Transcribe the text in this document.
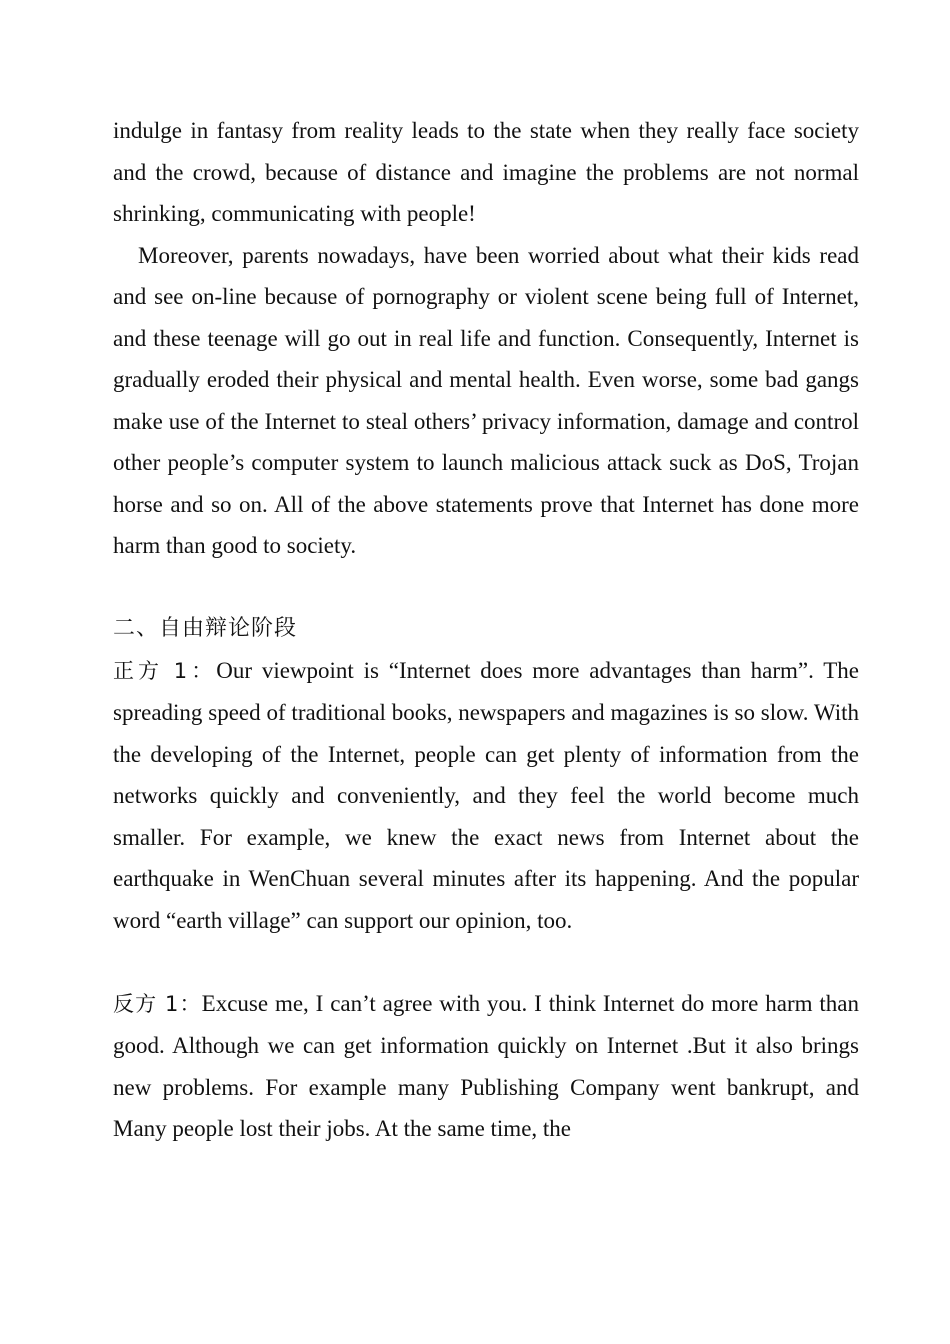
indulge in fantasy from reality leads to the state when they really face society and the crowd, because of distance and imagine the problems are not normal shrinking, communicating with people!

Moreover, parents nowadays, have been worried about what their kids read and see on-line because of pornography or violent scene being full of Internet, and these teenage will go out in real life and function. Consequently, Internet is gradually eroded their physical and mental health. Even worse, some bad gangs make use of the Internet to steal others’ privacy information, damage and control other people’s computer system to launch malicious attack suck as DoS, Trojan horse and so on. All of the above statements prove that Internet has done more harm than good to society.

二、自由辩论阶段

正方 1：Our viewpoint is “Internet does more advantages than harm”. The spreading speed of traditional books, newspapers and magazines is so slow. With the developing of the Internet, people can get plenty of information from the networks quickly and conveniently, and they feel the world become much smaller. For example, we knew the exact news from Internet about the earthquake in WenChuan several minutes after its happening. And the popular word “earth village” can support our opinion, too.

反方 1：Excuse me, I can’t agree with you. I think Internet do more harm than good. Although we can get information quickly on Internet .But it also brings new problems. For example many Publishing Company went bankrupt, and Many people lost their jobs. At the same time, the
